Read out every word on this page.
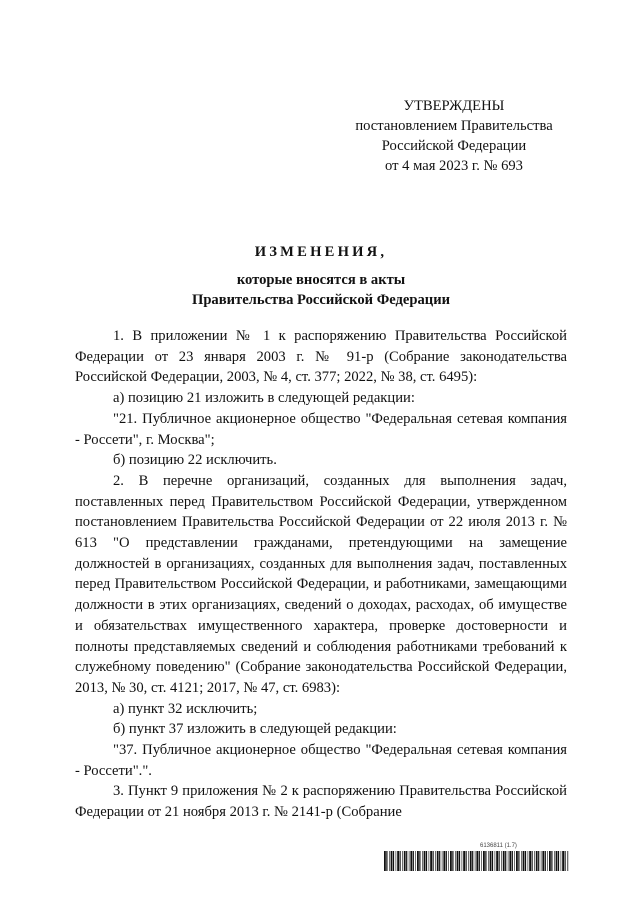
УТВЕРЖДЕНЫ
постановлением Правительства
Российской Федерации
от 4 мая 2023 г. № 693
ИЗМЕНЕНИЯ,
которые вносятся в акты
Правительства Российской Федерации

1. В приложении № 1 к распоряжению Правительства Российской Федерации от 23 января 2003 г. № 91-р (Собрание законодательства Российской Федерации, 2003, № 4, ст. 377; 2022, № 38, ст. 6495):

а) позицию 21 изложить в следующей редакции:

"21. Публичное акционерное общество "Федеральная сетевая компания - Россети", г. Москва";

б) позицию 22 исключить.

2. В перечне организаций, созданных для выполнения задач, поставленных перед Правительством Российской Федерации, утвержденном постановлением Правительства Российской Федерации от 22 июля 2013 г. № 613 "О представлении гражданами, претендующими на замещение должностей в организациях, созданных для выполнения задач, поставленных перед Правительством Российской Федерации, и работниками, замещающими должности в этих организациях, сведений о доходах, расходах, об имуществе и обязательствах имущественного характера, проверке достоверности и полноты представляемых сведений и соблюдения работниками требований к служебному поведению" (Собрание законодательства Российской Федерации, 2013, № 30, ст. 4121; 2017, № 47, ст. 6983):

а) пункт 32 исключить;

б) пункт 37 изложить в следующей редакции:

"37. Публичное акционерное общество "Федеральная сетевая компания - Россети".".

3. Пункт 9 приложения № 2 к распоряжению Правительства Российской Федерации от 21 ноября 2013 г. № 2141-р (Собрание

6136811 (1.7)
